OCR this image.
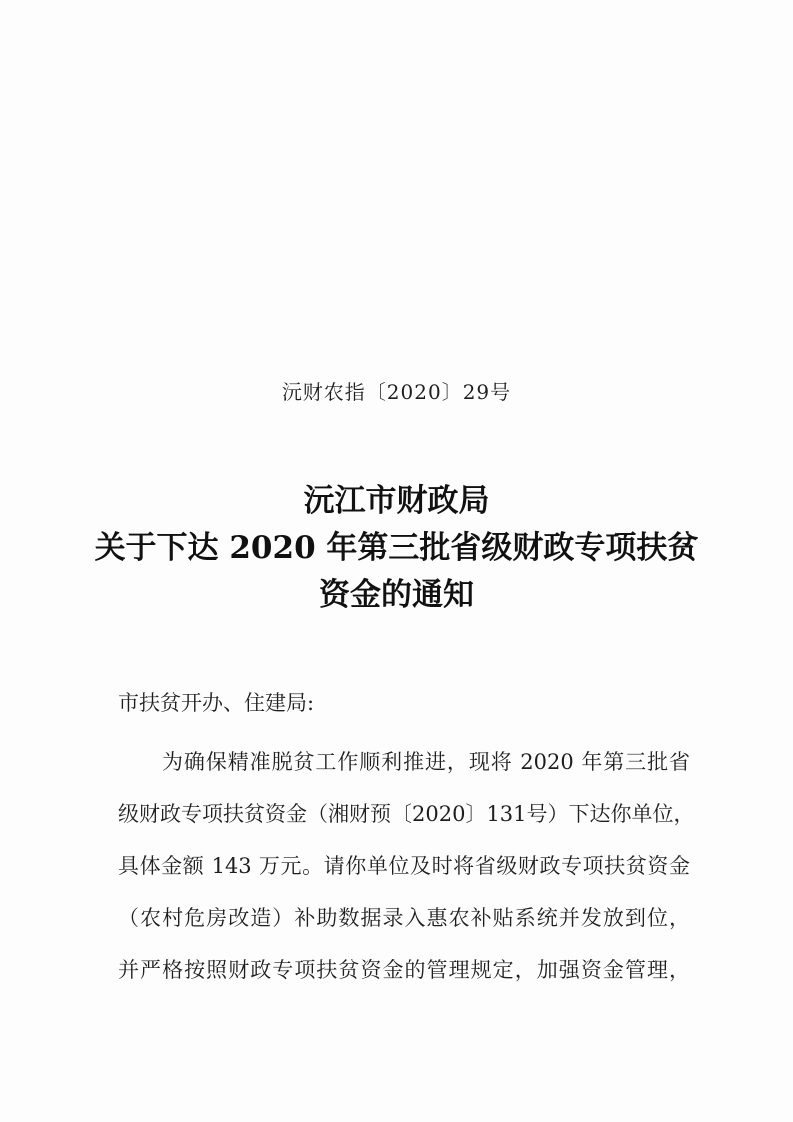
沅财农指〔2020〕29号
沅江市财政局
关于下达 2020 年第三批省级财政专项扶贫
资金的通知
市扶贫开办、住建局:
为确保精准脱贫工作顺利推进，现将 2020 年第三批省
级财政专项扶贫资金（湘财预〔2020〕131号）下达你单位，
具体金额 143 万元。请你单位及时将省级财政专项扶贫资金
（农村危房改造）补助数据录入惠农补贴系统并发放到位，
并严格按照财政专项扶贫资金的管理规定，加强资金管理，
